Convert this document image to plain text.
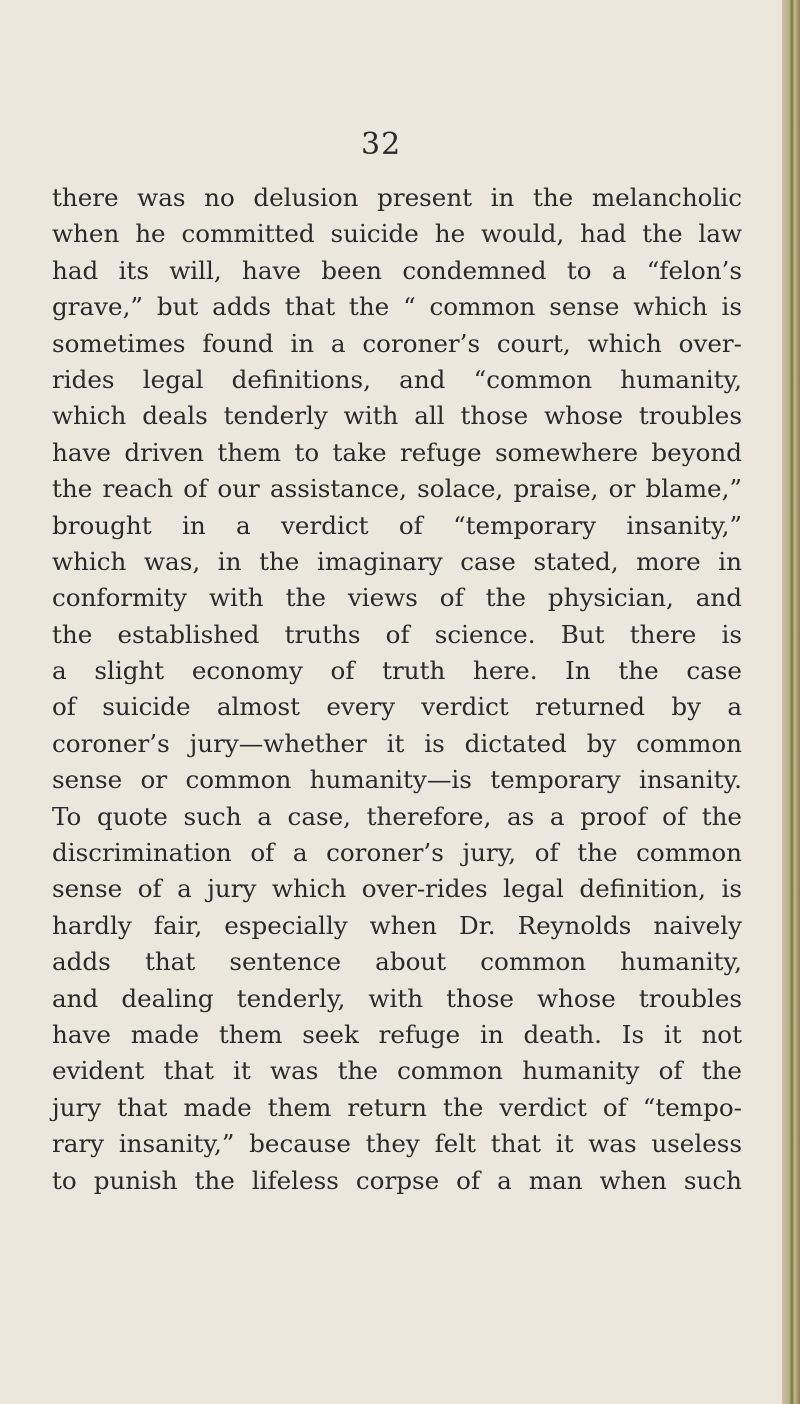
32
there was no delusion present in the melancholic
when he committed suicide he would, had the law
had its will, have been condemned to a “felon’s
grave,” but adds that the “ common sense which is
sometimes found in a coroner’s court, which over-
rides legal definitions, and “common humanity,
which deals tenderly with all those whose troubles
have driven them to take refuge somewhere beyond
the reach of our assistance, solace, praise, or blame,”
brought in a verdict of “temporary insanity,”
which was, in the imaginary case stated, more in
conformity with the views of the physician, and
the established truths of science. But there is
a slight economy of truth here. In the case
of suicide almost every verdict returned by a
coroner’s jury—whether it is dictated by common
sense or common humanity—is temporary insanity.
To quote such a case, therefore, as a proof of the
discrimination of a coroner’s jury, of the common
sense of a jury which over-rides legal definition, is
hardly fair, especially when Dr. Reynolds naively
adds that sentence about common humanity,
and dealing tenderly, with those whose troubles
have made them seek refuge in death. Is it not
evident that it was the common humanity of the
jury that made them return the verdict of “tempo-
rary insanity,” because they felt that it was useless
to punish the lifeless corpse of a man when such
